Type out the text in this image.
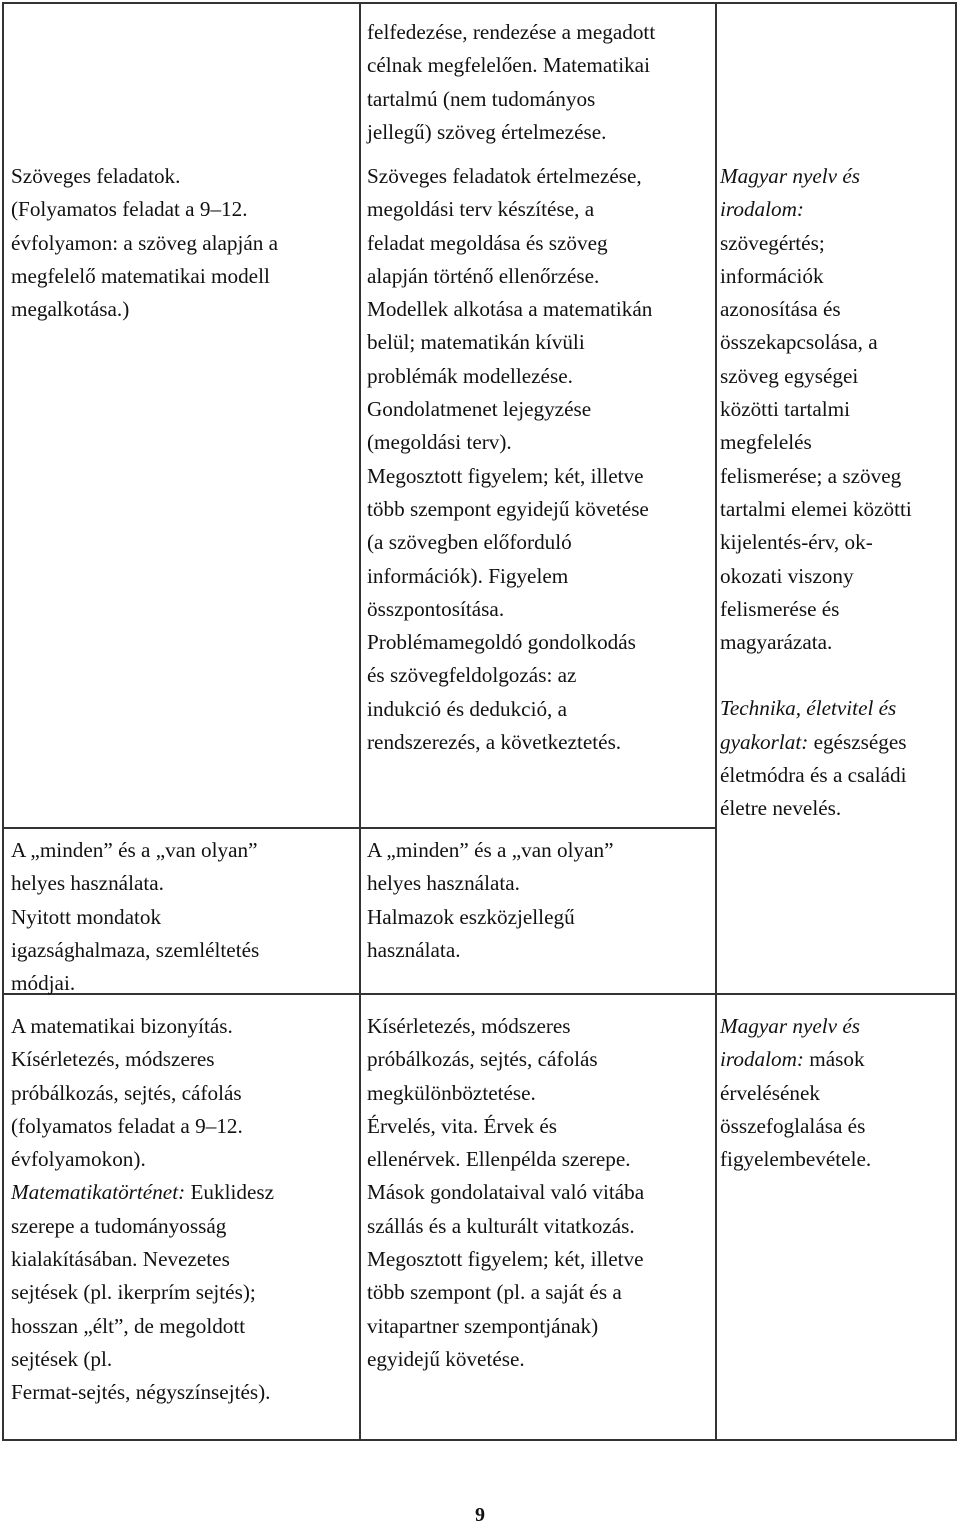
Szöveges feladatok.

(Folyamatos feladat a 9–12.

évfolyamon: a szöveg alapján a

megfelelő matematikai modell

megalkotása.)

felfedezése, rendezése a megadott

célnak megfelelően. Matematikai

tartalmú (nem tudományos

jellegű) szöveg értelmezése.

Szöveges feladatok értelmezése,

megoldási terv készítése, a

feladat megoldása és szöveg

alapján történő ellenőrzése.

Modellek alkotása a matematikán

belül; matematikán kívüli

problémák modellezése.

Gondolatmenet lejegyzése

(megoldási terv).

Megosztott figyelem; két, illetve

több szempont egyidejű követése

(a szövegben előforduló

információk). Figyelem

összpontosítása.

Problémamegoldó gondolkodás

és szövegfeldolgozás: az

indukció és dedukció, a

rendszerezés, a következtetés.

Magyar nyelv és

irodalom:

szövegértés;

információk

azonosítása és

összekapcsolása, a

szöveg egységei

közötti tartalmi

megfelelés

felismerése; a szöveg

tartalmi elemei közötti

kijelentés-érv, ok-

okozati viszony

felismerése és

magyarázata.

Technika, életvitel és

gyakorlat: egészséges

életmódra és a családi

életre nevelés.

A „minden” és a „van olyan”

helyes használata.

Nyitott mondatok

igazsághalmaza, szemléltetés

módjai.

A „minden” és a „van olyan”

helyes használata.

Halmazok eszközjellegű

használata.

A matematikai bizonyítás.

Kísérletezés, módszeres

próbálkozás, sejtés, cáfolás

(folyamatos feladat a 9–12.

évfolyamokon).

Matematikatörténet: Euklidesz

szerepe a tudományosság

kialakításában. Nevezetes

sejtések (pl. ikerprím sejtés);

hosszan „élt”, de megoldott

sejtések (pl.

Fermat-sejtés, négyszínsejtés).

Kísérletezés, módszeres

próbálkozás, sejtés, cáfolás

megkülönböztetése.

Érvelés, vita. Érvek és

ellenérvek. Ellenpélda szerepe.

Mások gondolataival való vitába

szállás és a kulturált vitatkozás.

Megosztott figyelem; két, illetve

több szempont (pl. a saját és a

vitapartner szempontjának)

egyidejű követése.

Magyar nyelv és

irodalom: mások

érvelésének

összefoglalása és

figyelembevétele.

9
